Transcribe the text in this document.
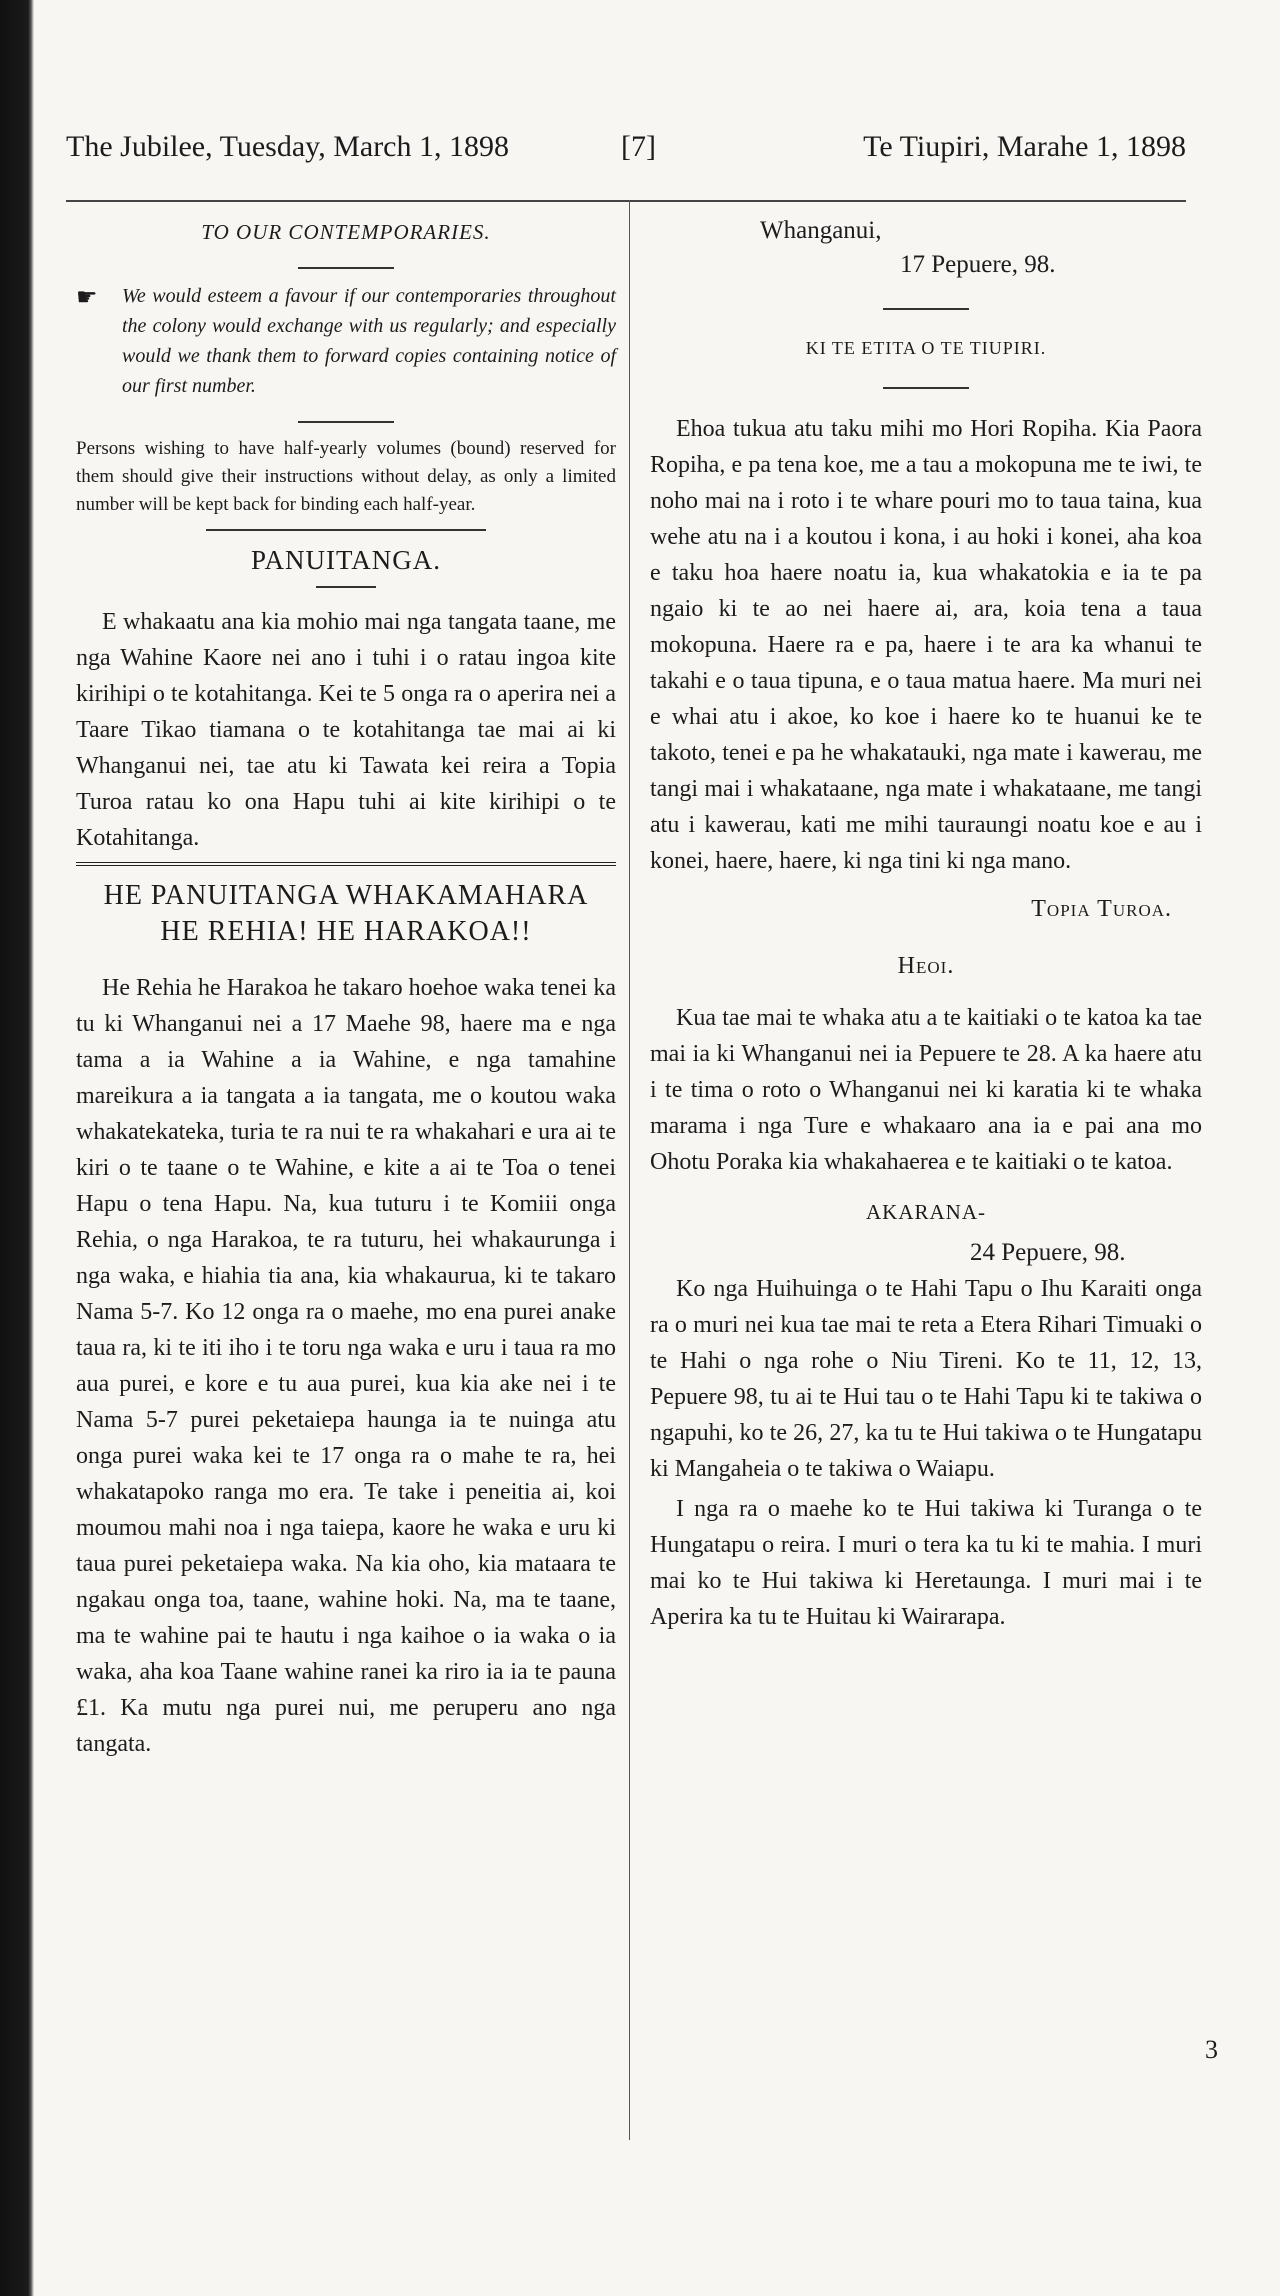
The Jubilee, Tuesday, March 1, 1898	[7]	Te Tiupiri, Marahe 1, 1898

TO OUR CONTEMPORARIES.

☛ We would esteem a favour if our contemporaries throughout the colony would exchange with us regularly; and especially would we thank them to forward copies containing notice of our first number.

Persons wishing to have half-yearly volumes (bound) reserved for them should give their instructions without delay, as only a limited number will be kept back for binding each half-year.

PANUITANGA.

E whakaatu ana kia mohio mai nga tangata taane, me nga Wahine Kaore nei ano i tuhi i o ratau ingoa kite kirihipi o te kotahitanga. Kei te 5 onga ra o aperira nei a Taare Tikao tiamana o te kotahitanga tae mai ai ki Whanganui nei, tae atu ki Tawata kei reira a Topia Turoa ratau ko ona Hapu tuhi ai kite kirihipi o te Kotahitanga.

HE PANUITANGA WHAKAMAHARA
HE REHIA! HE HARAKOA!!

He Rehia he Harakoa he takaro hoehoe waka tenei ka tu ki Whanganui nei a 17 Maehe 98, haere ma e nga tama a ia Wahine a ia Wahine, e nga tamahine mareikura a ia tangata a ia tangata, me o koutou waka whakatekateka, turia te ra nui te ra whakahari e ura ai te kiri o te taane o te Wahine, e kite a ai te Toa o tenei Hapu o tena Hapu. Na, kua tuturu i te Komiii onga Rehia, o nga Harakoa, te ra tuturu, hei whakaurunga i nga waka, e hiahia tia ana, kia whakaurua, ki te takaro Nama 5-7. Ko 12 onga ra o maehe, mo ena purei anake taua ra, ki te iti iho i te toru nga waka e uru i taua ra mo aua purei, e kore e tu aua purei, kua kia ake nei i te Nama 5-7 purei peketaiepa haunga ia te nuinga atu onga purei waka kei te 17 onga ra o mahe te ra, hei whakatapoko ranga mo era. Te take i peneitia ai, koi moumou mahi noa i nga taiepa, kaore he waka e uru ki taua purei peketaiepa waka. Na kia oho, kia mataara te ngakau onga toa, taane, wahine hoki. Na, ma te taane, ma te wahine pai te hautu i nga kaihoe o ia waka o ia waka, aha koa Taane wahine ranei ka riro ia ia te pauna £1. Ka mutu nga purei nui, me peruperu ano nga tangata.

Whanganui,
17 Pepuere, 98.
KI TE ETITA O TE TIUPIRI.

Ehoa tukua atu taku mihi mo Hori Ropiha. Kia Paora Ropiha, e pa tena koe, me a tau a mokopuna me te iwi, te noho mai na i roto i te whare pouri mo to taua taina, kua wehe atu na i a koutou i kona, i au hoki i konei, aha koa e taku hoa haere noatu ia, kua whakatokia e ia te pa ngaio ki te ao nei haere ai, ara, koia tena a taua mokopuna. Haere ra e pa, haere i te ara ka whanui te takahi e o taua tipuna, e o taua matua haere. Ma muri nei e whai atu i akoe, ko koe i haere ko te huanui ke te takoto, tenei e pa he whakatauki, nga mate i kawerau, me tangi mai i whakataane, nga mate i whakataane, me tangi atu i kawerau, kati me mihi tauraungi noatu koe e au i konei, haere, haere, ki nga tini ki nga mano.

Topia Turoa.
Heoi.

Kua tae mai te whaka atu a te kaitiaki o te katoa ka tae mai ia ki Whanganui nei ia Pepuere te 28. A ka haere atu i te tima o roto o Whanganui nei ki karatia ki te whaka marama i nga Ture e whakaaro ana ia e pai ana mo Ohotu Poraka kia whakahaerea e te kaitiaki o te katoa.

AKARANA-
24 Pepuere, 98.

Ko nga Huihuinga o te Hahi Tapu o Ihu Karaiti onga ra o muri nei kua tae mai te reta a Etera Rihari Timuaki o te Hahi o nga rohe o Niu Tireni. Ko te 11, 12, 13, Pepuere 98, tu ai te Hui tau o te Hahi Tapu ki te takiwa o ngapuhi, ko te 26, 27, ka tu te Hui takiwa o te Hungatapu ki Mangaheia o te takiwa o Waiapu.

I nga ra o maehe ko te Hui takiwa ki Turanga o te Hungatapu o reira. I muri o tera ka tu ki te mahia. I muri mai ko te Hui takiwa ki Heretaunga. I muri mai i te Aperira ka tu te Huitau ki Wairarapa.

3
